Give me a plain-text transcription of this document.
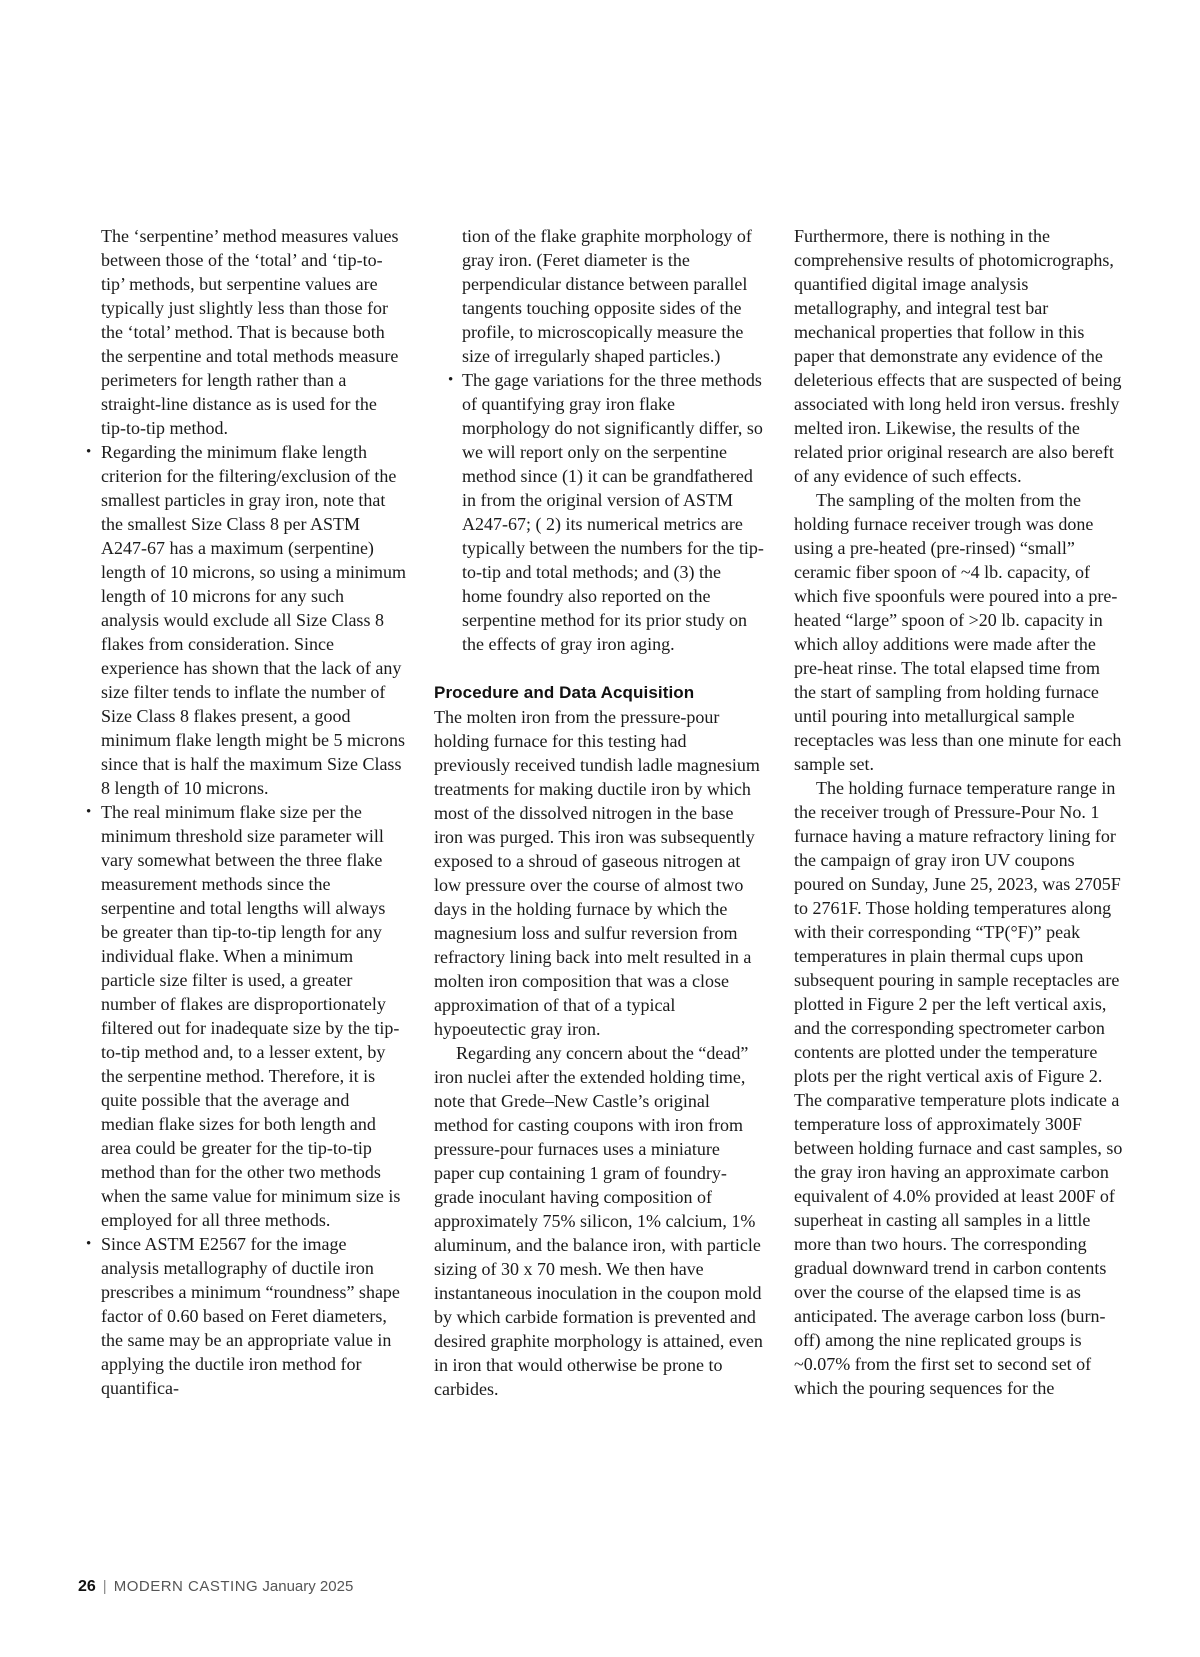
The ‘serpentine’ method measures values between those of the ‘total’ and ‘tip-to-tip’ methods, but serpentine values are typically just slightly less than those for the ‘total’ method. That is because both the serpentine and total methods measure perimeters for length rather than a straight-line distance as is used for the tip-to-tip method.

• Regarding the minimum flake length criterion for the filtering/exclusion of the smallest particles in gray iron, note that the smallest Size Class 8 per ASTM A247-67 has a maximum (serpentine) length of 10 microns, so using a minimum length of 10 microns for any such analysis would exclude all Size Class 8 flakes from consideration. Since experience has shown that the lack of any size filter tends to inflate the number of Size Class 8 flakes present, a good minimum flake length might be 5 microns since that is half the maximum Size Class 8 length of 10 microns.
• The real minimum flake size per the minimum threshold size parameter will vary somewhat between the three flake measurement methods since the serpentine and total lengths will always be greater than tip-to-tip length for any individual flake. When a minimum particle size filter is used, a greater number of flakes are disproportionately filtered out for inadequate size by the tip-to-tip method and, to a lesser extent, by the serpentine method. Therefore, it is quite possible that the average and median flake sizes for both length and area could be greater for the tip-to-tip method than for the other two methods when the same value for minimum size is employed for all three methods.
• Since ASTM E2567 for the image analysis metallography of ductile iron prescribes a minimum “roundness” shape factor of 0.60 based on Feret diameters, the same may be an appropriate value in applying the ductile iron method for quantifica-

tion of the flake graphite morphology of gray iron. (Feret diameter is the perpendicular distance between parallel tangents touching opposite sides of the profile, to microscopically measure the size of irregularly shaped particles.)

• The gage variations for the three methods of quantifying gray iron flake morphology do not significantly differ, so we will report only on the serpentine method since (1) it can be grandfathered in from the original version of ASTM A247-67; ( 2) its numerical metrics are typically between the numbers for the tip-to-tip and total methods; and (3) the home foundry also reported on the serpentine method for its prior study on the effects of gray iron aging.
Procedure and Data Acquisition

The molten iron from the pressure-pour holding furnace for this testing had previously received tundish ladle magnesium treatments for making ductile iron by which most of the dissolved nitrogen in the base iron was purged. This iron was subsequently exposed to a shroud of gaseous nitrogen at low pressure over the course of almost two days in the holding furnace by which the magnesium loss and sulfur reversion from refractory lining back into melt resulted in a molten iron composition that was a close approximation of that of a typical hypoeutectic gray iron.

Regarding any concern about the “dead” iron nuclei after the extended holding time, note that Grede–New Castle’s original method for casting coupons with iron from pressure-pour furnaces uses a miniature paper cup containing 1 gram of foundry-grade inoculant having composition of approximately 75% silicon, 1% calcium, 1% aluminum, and the balance iron, with particle sizing of 30 x 70 mesh. We then have instantaneous inoculation in the coupon mold by which carbide formation is prevented and desired graphite morphology is attained, even in iron that would otherwise be prone to carbides.

Furthermore, there is nothing in the comprehensive results of photomicrographs, quantified digital image analysis metallography, and integral test bar mechanical properties that follow in this paper that demonstrate any evidence of the deleterious effects that are suspected of being associated with long held iron versus. freshly melted iron. Likewise, the results of the related prior original research are also bereft of any evidence of such effects.

The sampling of the molten from the holding furnace receiver trough was done using a pre-heated (pre-rinsed) “small” ceramic fiber spoon of ~4 lb. capacity, of which five spoonfuls were poured into a pre-heated “large” spoon of >20 lb. capacity in which alloy additions were made after the pre-heat rinse. The total elapsed time from the start of sampling from holding furnace until pouring into metallurgical sample receptacles was less than one minute for each sample set.

The holding furnace temperature range in the receiver trough of Pressure-Pour No. 1 furnace having a mature refractory lining for the campaign of gray iron UV coupons poured on Sunday, June 25, 2023, was 2705F to 2761F. Those holding temperatures along with their corresponding “TP(°F)” peak temperatures in plain thermal cups upon subsequent pouring in sample receptacles are plotted in Figure 2 per the left vertical axis, and the corresponding spectrometer carbon contents are plotted under the temperature plots per the right vertical axis of Figure 2. The comparative temperature plots indicate a temperature loss of approximately 300F between holding furnace and cast samples, so the gray iron having an approximate carbon equivalent of 4.0% provided at least 200F of superheat in casting all samples in a little more than two hours. The corresponding gradual downward trend in carbon contents over the course of the elapsed time is as anticipated. The average carbon loss (burn-off) among the nine replicated groups is ~0.07% from the first set to second set of which the pouring sequences for the

26 | MODERN CASTING January 2025
